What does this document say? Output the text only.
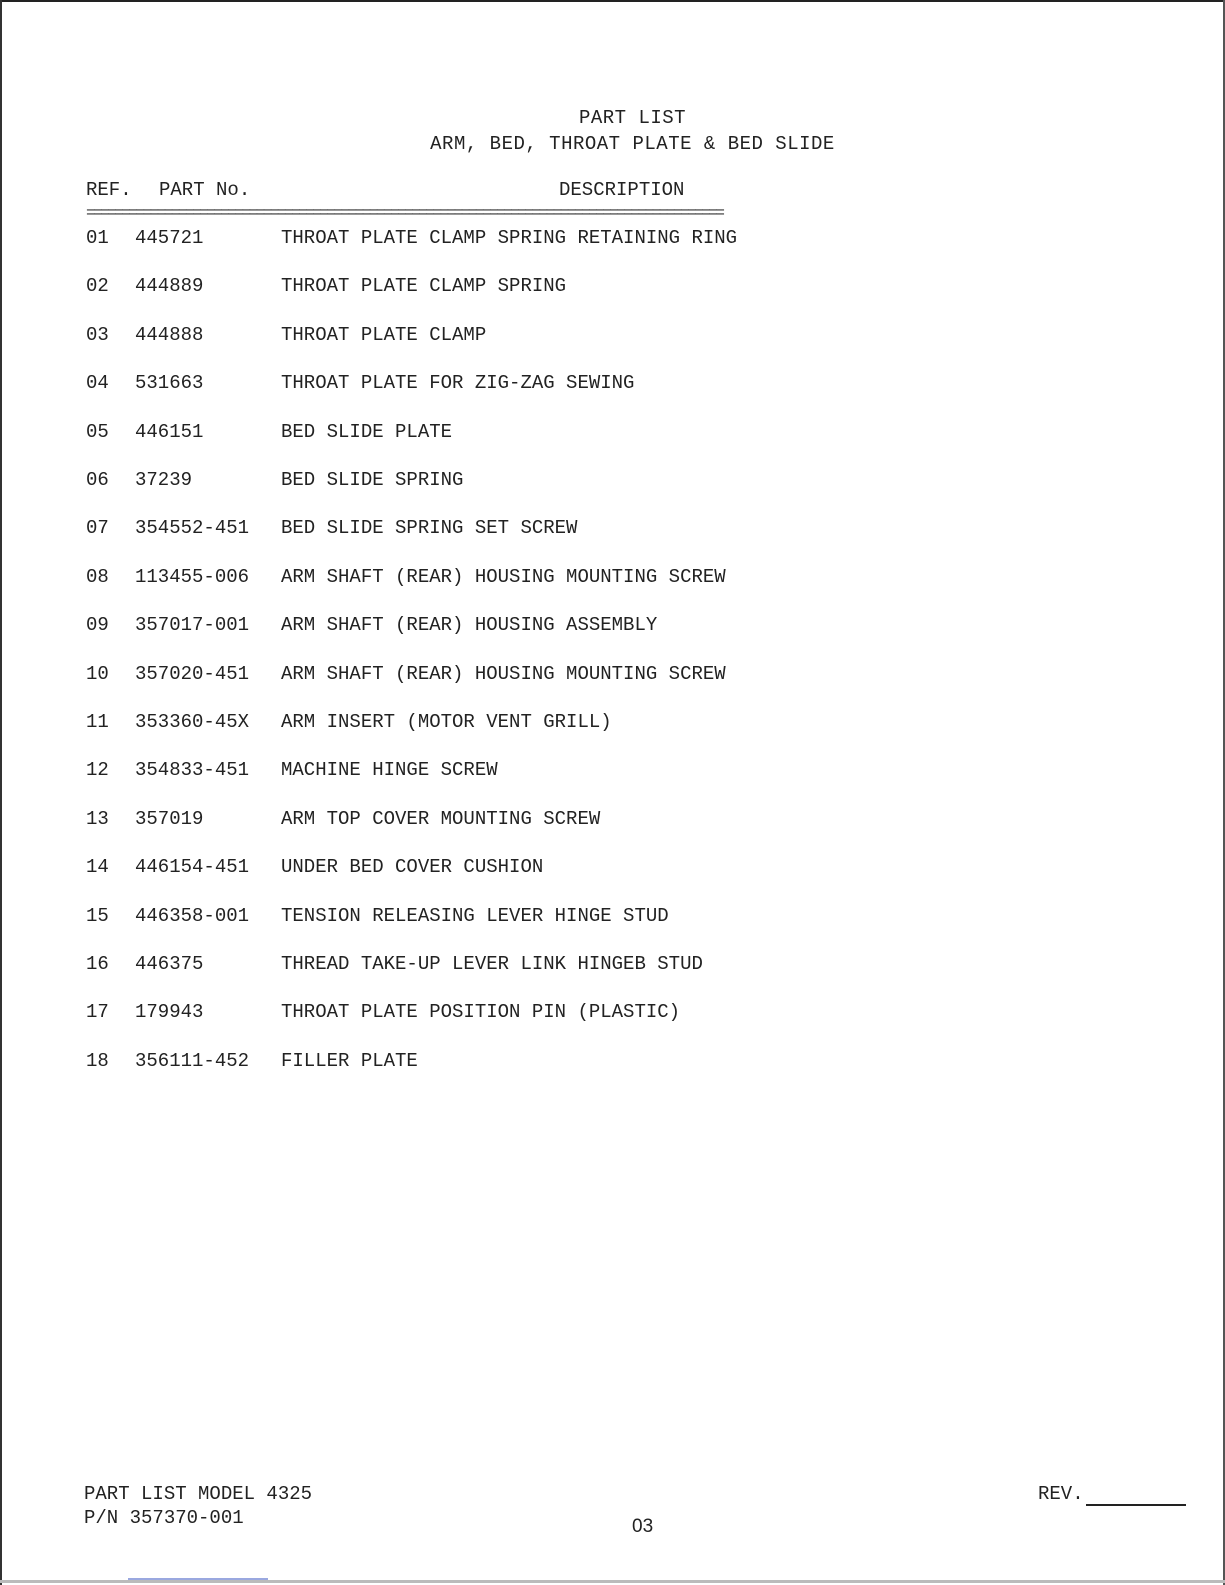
PART LIST
ARM, BED, THROAT PLATE & BED SLIDE
REF. PART No.	DESCRIPTION
==========================================================================================
01 445721	THROAT PLATE CLAMP SPRING RETAINING RING
02 444889	THROAT PLATE CLAMP SPRING
03 444888	THROAT PLATE CLAMP
04 531663	THROAT PLATE FOR ZIG-ZAG SEWING
05 446151	BED SLIDE PLATE
06 37239	BED SLIDE SPRING
07 354552-451 BED SLIDE SPRING SET SCREW
08 113455-006 ARM SHAFT (REAR) HOUSING MOUNTING SCREW
09 357017-001 ARM SHAFT (REAR) HOUSING ASSEMBLY
10 357020-451 ARM SHAFT (REAR) HOUSING MOUNTING SCREW
11 353360-45X ARM INSERT (MOTOR VENT GRILL)
12 354833-451 MACHINE HINGE SCREW
13 357019	ARM TOP COVER MOUNTING SCREW
14 446154-451 UNDER BED COVER CUSHION
15 446358-001 TENSION RELEASING LEVER HINGE STUD
16 446375	THREAD TAKE-UP LEVER LINK HINGEB STUD
17 179943	THROAT PLATE POSITION PIN (PLASTIC)
18 356111-452 FILLER PLATE
PART LIST MODEL 4325
P/N 357370-001	03
REV.
